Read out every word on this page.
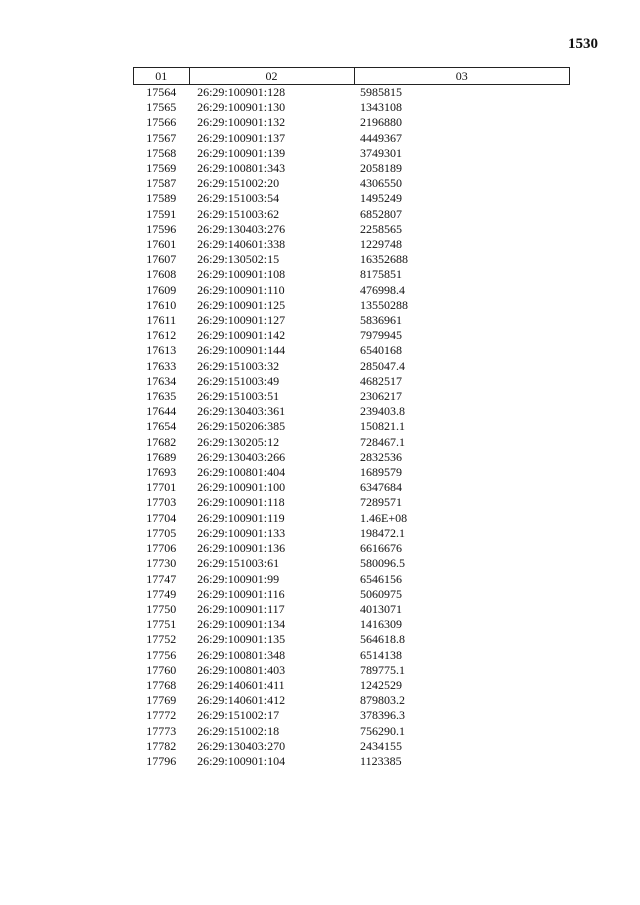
1530
01	02	03
17564	26:29:100901:128	5985815
17565	26:29:100901:130	1343108
17566	26:29:100901:132	2196880
17567	26:29:100901:137	4449367
17568	26:29:100901:139	3749301
17569	26:29:100801:343	2058189
17587	26:29:151002:20	4306550
17589	26:29:151003:54	1495249
17591	26:29:151003:62	6852807
17596	26:29:130403:276	2258565
17601	26:29:140601:338	1229748
17607	26:29:130502:15	16352688
17608	26:29:100901:108	8175851
17609	26:29:100901:110	476998.4
17610	26:29:100901:125	13550288
17611	26:29:100901:127	5836961
17612	26:29:100901:142	7979945
17613	26:29:100901:144	6540168
17633	26:29:151003:32	285047.4
17634	26:29:151003:49	4682517
17635	26:29:151003:51	2306217
17644	26:29:130403:361	239403.8
17654	26:29:150206:385	150821.1
17682	26:29:130205:12	728467.1
17689	26:29:130403:266	2832536
17693	26:29:100801:404	1689579
17701	26:29:100901:100	6347684
17703	26:29:100901:118	7289571
17704	26:29:100901:119	1.46E+08
17705	26:29:100901:133	198472.1
17706	26:29:100901:136	6616676
17730	26:29:151003:61	580096.5
17747	26:29:100901:99	6546156
17749	26:29:100901:116	5060975
17750	26:29:100901:117	4013071
17751	26:29:100901:134	1416309
17752	26:29:100901:135	564618.8
17756	26:29:100801:348	6514138
17760	26:29:100801:403	789775.1
17768	26:29:140601:411	1242529
17769	26:29:140601:412	879803.2
17772	26:29:151002:17	378396.3
17773	26:29:151002:18	756290.1
17782	26:29:130403:270	2434155
17796	26:29:100901:104	1123385
